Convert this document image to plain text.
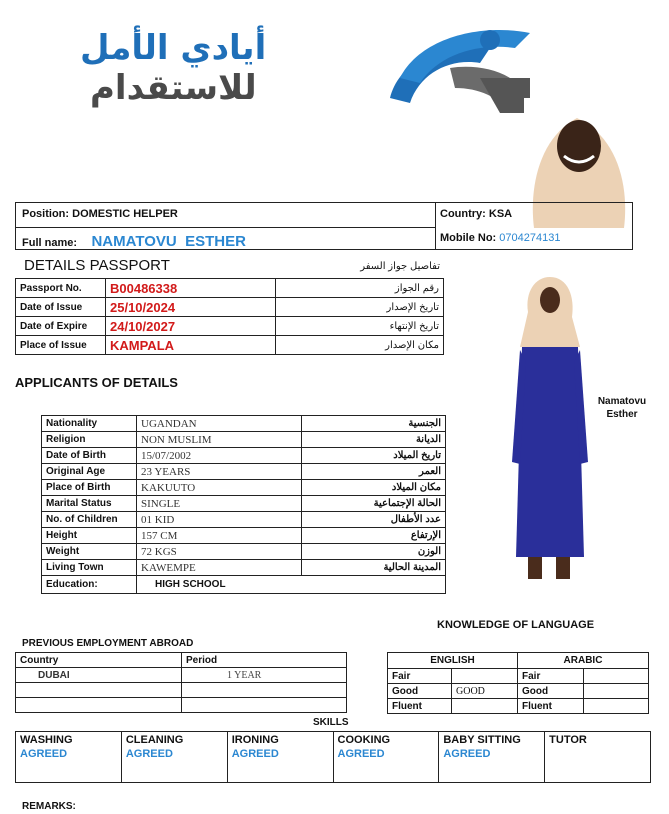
أيادي الأمل
للاستقدام
Position: DOMESTIC HELPER	Country: KSA
Full name: NAMATOVU  ESTHER	Mobile No: 0704274131
DETAILS PASSPORT	تفاصيل جواز السفر
Passport No.	B00486338	رقم الجواز
Date of Issue	25/10/2024	تاريخ الإصدار
Date of Expire	24/10/2027	تاريخ الإنتهاء
Place of Issue	KAMPALA	مكان الإصدار
Namatovu
Esther
APPLICANTS OF DETAILS
Nationality	UGANDAN	الجنسية
Religion	NON MUSLIM	الديانة
Date of Birth	15/07/2002	تاريخ الميلاد
Original Age	23 YEARS	العمر
Place of Birth	KAKUUTO	مكان الميلاد
Marital Status	SINGLE	الحالة الإجتماعية
No. of Children	01 KID	عدد الأطفال
Height	157 CM	الإرتفاع
Weight	72 KGS	الوزن
Living Town	KAWEMPE	المدينة الحالية
Education:	HIGH SCHOOL	
KNOWLEDGE OF LANGUAGE
ENGLISH		ARABIC	
Fair		Fair	
Good	GOOD	Good	
Fluent		Fluent	
PREVIOUS EMPLOYMENT ABROAD
Country	Period
DUBAI	1 YEAR

SKILLS
WASHING
AGREED

CLEANING
AGREED

IRONING
AGREED

COOKING
AGREED

BABY SITTING
AGREED

TUTOR
REMARKS:
